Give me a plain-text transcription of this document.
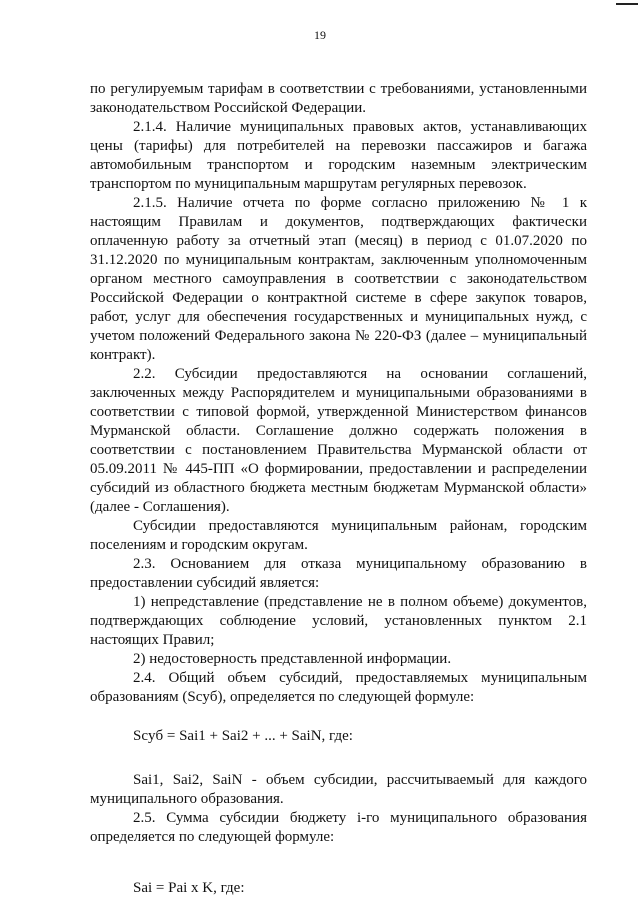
19

по регулируемым тарифам в соответствии с требованиями, установленными законодательством Российской Федерации.

2.1.4. Наличие муниципальных правовых актов, устанавливающих цены (тарифы) для потребителей на перевозки пассажиров и багажа автомобильным транспортом и городским наземным электрическим транспортом по муниципальным маршрутам регулярных перевозок.

2.1.5. Наличие отчета по форме согласно приложению № 1 к настоящим Правилам и документов, подтверждающих фактически оплаченную работу за отчетный этап (месяц) в период с 01.07.2020 по 31.12.2020 по муниципальным контрактам, заключенным уполномоченным органом местного самоуправления в соответствии с законодательством Российской Федерации о контрактной системе в сфере закупок товаров, работ, услуг для обеспечения государственных и муниципальных нужд, с учетом положений Федерального закона № 220-ФЗ (далее – муниципальный контракт).

2.2. Субсидии предоставляются на основании соглашений, заключенных между Распорядителем и муниципальными образованиями в соответствии с типовой формой, утвержденной Министерством финансов Мурманской области. Соглашение должно содержать положения в соответствии с постановлением Правительства Мурманской области от 05.09.2011 № 445-ПП «О формировании, предоставлении и распределении субсидий из областного бюджета местным бюджетам Мурманской области» (далее - Соглашения).

Субсидии предоставляются муниципальным районам, городским поселениям и городским округам.

2.3. Основанием для отказа муниципальному образованию в предоставлении субсидий является:

1) непредставление (представление не в полном объеме) документов, подтверждающих соблюдение условий, установленных пунктом 2.1 настоящих Правил;

2) недостоверность представленной информации.

2.4. Общий объем субсидий, предоставляемых муниципальным образованиям (Scyб), определяется по следующей формуле:

Scyб = Sai1 + Sai2 + ... + SaiN, где:

Sai1, Sai2, SaiN - объем субсидии, рассчитываемый для каждого муниципального образования.

2.5. Сумма субсидии бюджету i-го муниципального образования определяется по следующей формуле:

Sai = Pai x K, где:
